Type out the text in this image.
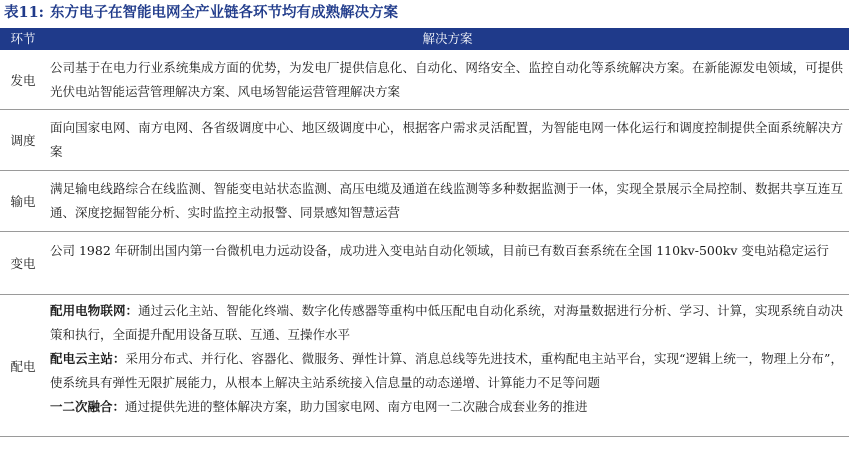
表11: 东方电子在智能电网全产业链各环节均有成熟解决方案
环节	解决方案
发电

公司基于在电力行业系统集成方面的优势，为发电厂提供信息化、自动化、网络安全、监控自动化等系统解决方案。在新能源发电领域，可提供光伏电站智能运营管理解决方案、风电场智能运营管理解决方案

调度

面向国家电网、南方电网、各省级调度中心、地区级调度中心，根据客户需求灵活配置，为智能电网一体化运行和调度控制提供全面系统解决方案

输电

满足输电线路综合在线监测、智能变电站状态监测、高压电缆及通道在线监测等多种数据监测于一体，实现全景展示全局控制、数据共享互连互通、深度挖掘智能分析、实时监控主动报警、同景感知智慧运营

变电

公司 1982 年研制出国内第一台微机电力远动设备，成功进入变电站自动化领域，目前已有数百套系统在全国 110kv-500kv 变电站稳定运行

配电

配用电物联网：通过云化主站、智能化终端、数字化传感器等重构中低压配电自动化系统，对海量数据进行分析、学习、计算，实现系统自动决策和执行，全面提升配用设备互联、互通、互操作水平

配电云主站：采用分布式、并行化、容器化、微服务、弹性计算、消息总线等先进技术，重构配电主站平台，实现“逻辑上统一，物理上分布”，使系统具有弹性无限扩展能力，从根本上解决主站系统接入信息量的动态递增、计算能力不足等问题

一二次融合：通过提供先进的整体解决方案，助力国家电网、南方电网一二次融合成套业务的推进
